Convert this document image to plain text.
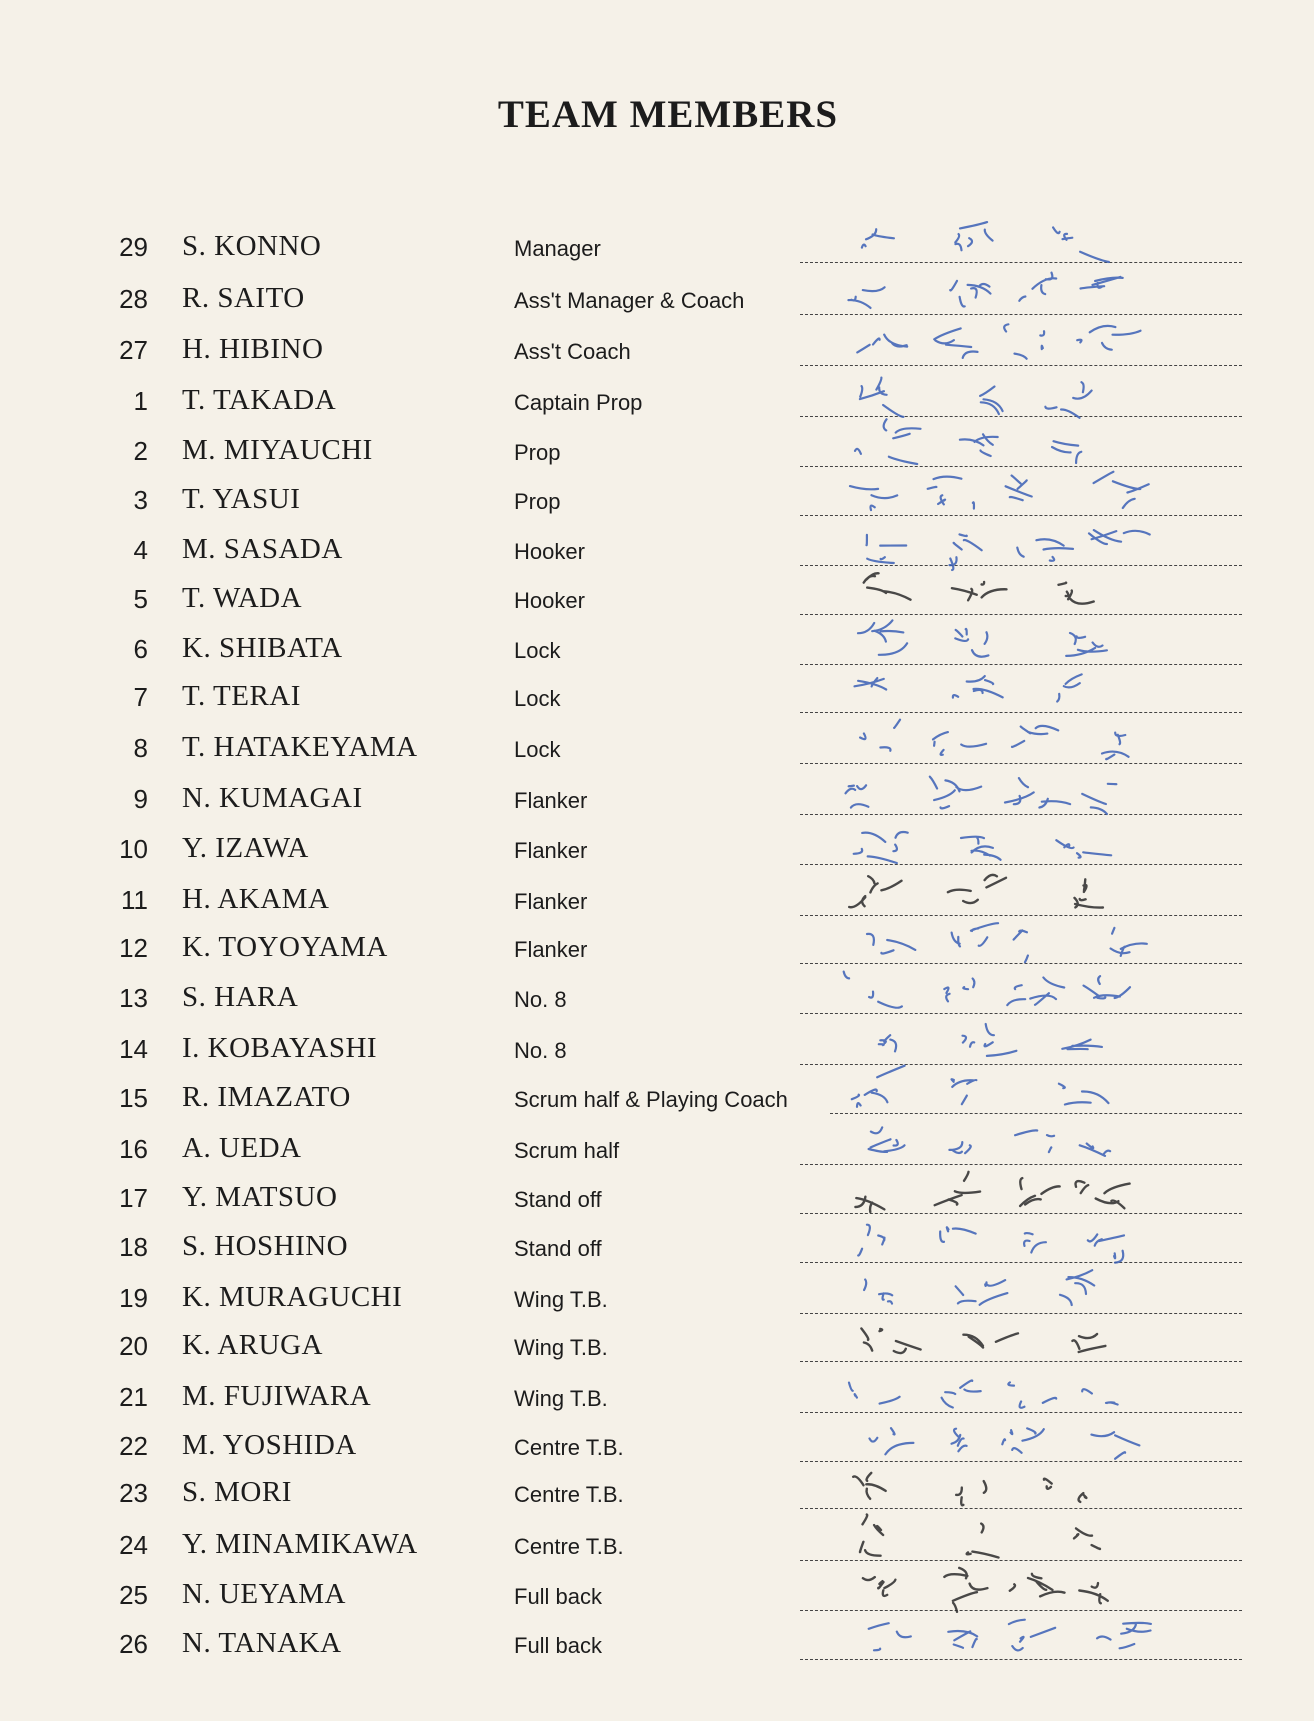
TEAM MEMBERS
29 S. KONNO	Manager
28 R. SAITO	Ass't Manager & Coach
27 H. HIBINO	Ass't Coach
1 T. TAKADA	Captain Prop
2 M. MIYAUCHI	Prop
3 T. YASUI	Prop
4 M. SASADA	Hooker
5 T. WADA	Hooker
6 K. SHIBATA	Lock
7 T. TERAI	Lock
8 T. HATAKEYAMA	Lock
9 N. KUMAGAI	Flanker
10 Y. IZAWA	Flanker
11 H. AKAMA	Flanker
12 K. TOYOYAMA	Flanker
13 S. HARA	No. 8
14 I. KOBAYASHI	No. 8
15 R. IMAZATO	Scrum half & Playing Coach
16 A. UEDA	Scrum half
17 Y. MATSUO	Stand off
18 S. HOSHINO	Stand off
19 K. MURAGUCHI	Wing T.B.
20 K. ARUGA	Wing T.B.
21 M. FUJIWARA	Wing T.B.
22 M. YOSHIDA	Centre T.B.
23 S. MORI	Centre T.B.
24 Y. MINAMIKAWA	Centre T.B.
25 N. UEYAMA	Full back
26 N. TANAKA	Full back
